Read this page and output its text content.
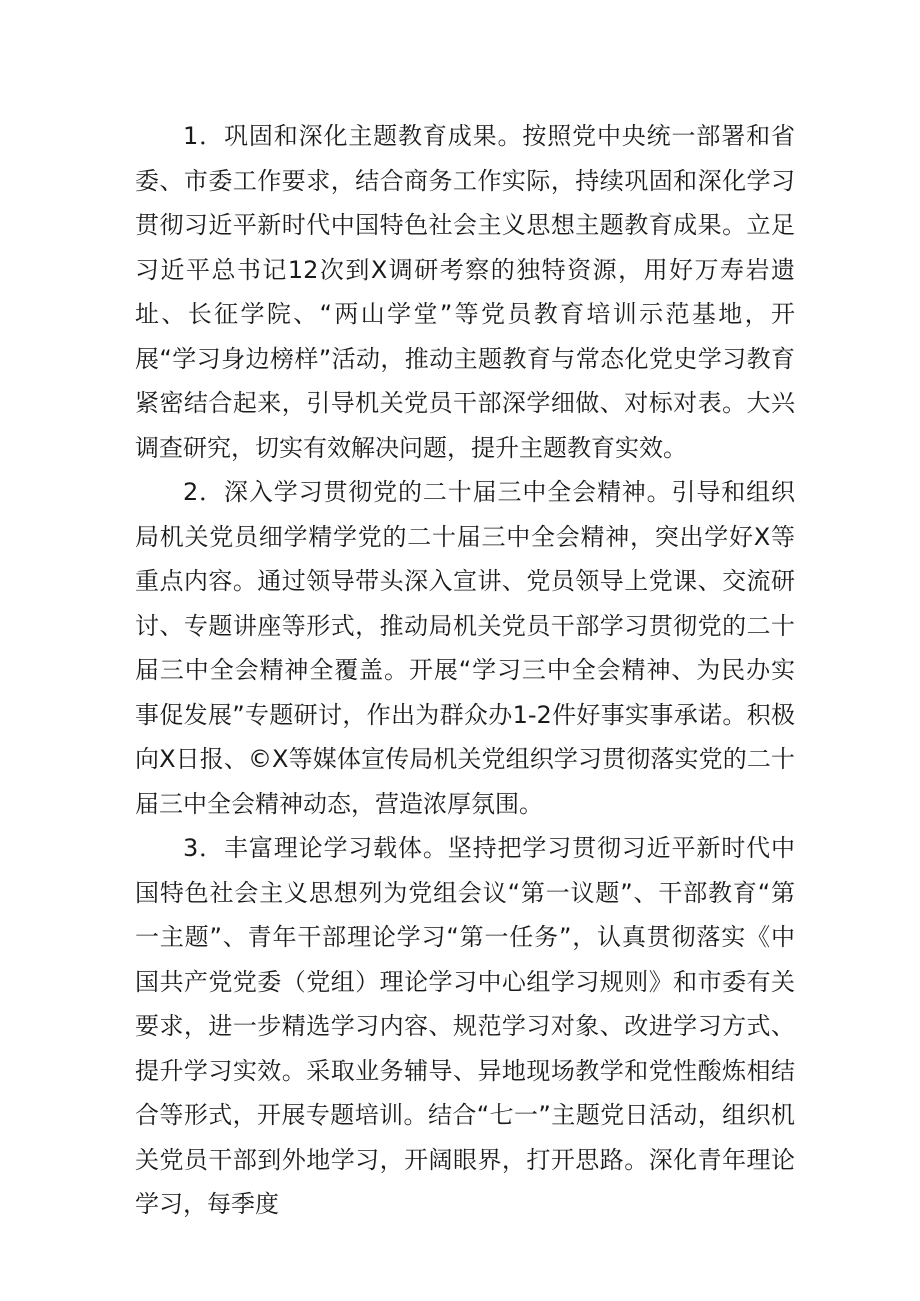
1．巩固和深化主题教育成果。按照党中央统一部署和省委、市委工作要求，结合商务工作实际，持续巩固和深化学习贯彻习近平新时代中国特色社会主义思想主题教育成果。立足习近平总书记12次到X调研考察的独特资源，用好万寿岩遗址、长征学院、“两山学堂”等党员教育培训示范基地，开展“学习身边榜样”活动，推动主题教育与常态化党史学习教育紧密结合起来，引导机关党员干部深学细做、对标对表。大兴调查研究，切实有效解决问题，提升主题教育实效。

2．深入学习贯彻党的二十届三中全会精神。引导和组织局机关党员细学精学党的二十届三中全会精神，突出学好X等重点内容。通过领导带头深入宣讲、党员领导上党课、交流研讨、专题讲座等形式，推动局机关党员干部学习贯彻党的二十届三中全会精神全覆盖。开展“学习三中全会精神、为民办实事促发展”专题研讨，作出为群众办1-2件好事实事承诺。积极向X日报、©X等媒体宣传局机关党组织学习贯彻落实党的二十届三中全会精神动态，营造浓厚氛围。

3．丰富理论学习载体。坚持把学习贯彻习近平新时代中国特色社会主义思想列为党组会议“第一议题”、干部教育“第一主题”、青年干部理论学习“第一任务”，认真贯彻落实《中国共产党党委（党组）理论学习中心组学习规则》和市委有关要求，进一步精选学习内容、规范学习对象、改进学习方式、提升学习实效。采取业务辅导、异地现场教学和党性酸炼相结合等形式，开展专题培训。结合“七一”主题党日活动，组织机关党员干部到外地学习，开阔眼界，打开思路。深化青年理论学习，每季度
